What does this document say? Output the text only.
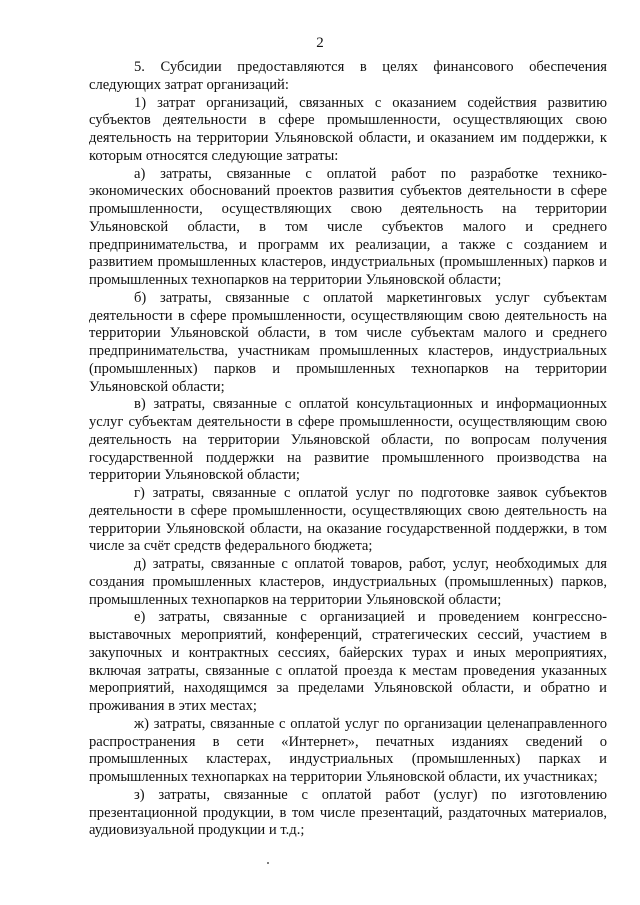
2

5. Субсидии предоставляются в целях финансового обеспечения следующих затрат организаций:

1) затрат организаций, связанных с оказанием содействия развитию субъектов деятельности в сфере промышленности, осуществляющих свою деятельность на территории Ульяновской области, и оказанием им поддержки, к которым относятся следующие затраты:

а) затраты, связанные с оплатой работ по разработке технико-экономических обоснований проектов развития субъектов деятельности в сфере промышленности, осуществляющих свою деятельность на территории Ульяновской области, в том числе субъектов малого и среднего предпринимательства, и программ их реализации, а также с созданием и развитием промышленных кластеров, индустриальных (промышленных) парков и промышленных технопарков на территории Ульяновской области;

б) затраты, связанные с оплатой маркетинговых услуг субъектам деятельности в сфере промышленности, осуществляющим свою деятельность на территории Ульяновской области, в том числе субъектам малого и среднего предпринимательства, участникам промышленных кластеров, индустриальных (промышленных) парков и промышленных технопарков на территории Ульяновской области;

в) затраты, связанные с оплатой консультационных и информационных услуг субъектам деятельности в сфере промышленности, осуществляющим свою деятельность на территории Ульяновской области, по вопросам получения государственной поддержки на развитие промышленного производства на территории Ульяновской области;

г) затраты, связанные с оплатой услуг по подготовке заявок субъектов деятельности в сфере промышленности, осуществляющих свою деятельность на территории Ульяновской области, на оказание государственной поддержки, в том числе за счёт средств федерального бюджета;

д) затраты, связанные с оплатой товаров, работ, услуг, необходимых для создания промышленных кластеров, индустриальных (промышленных) парков, промышленных технопарков на территории Ульяновской области;

е) затраты, связанные с организацией и проведением конгрессно-выставочных мероприятий, конференций, стратегических сессий, участием в закупочных и контрактных сессиях, байерских турах и иных мероприятиях, включая затраты, связанные с оплатой проезда к местам проведения указанных мероприятий, находящимся за пределами Ульяновской области, и обратно и проживания в этих местах;

ж) затраты, связанные с оплатой услуг по организации целенаправленного распространения в сети «Интернет», печатных изданиях сведений о промышленных кластерах, индустриальных (промышленных) парках и промышленных технопарках на территории Ульяновской области, их участниках;

з) затраты, связанные с оплатой работ (услуг) по изготовлению презентационной продукции, в том числе презентаций, раздаточных материалов, аудиовизуальной продукции и т.д.;
